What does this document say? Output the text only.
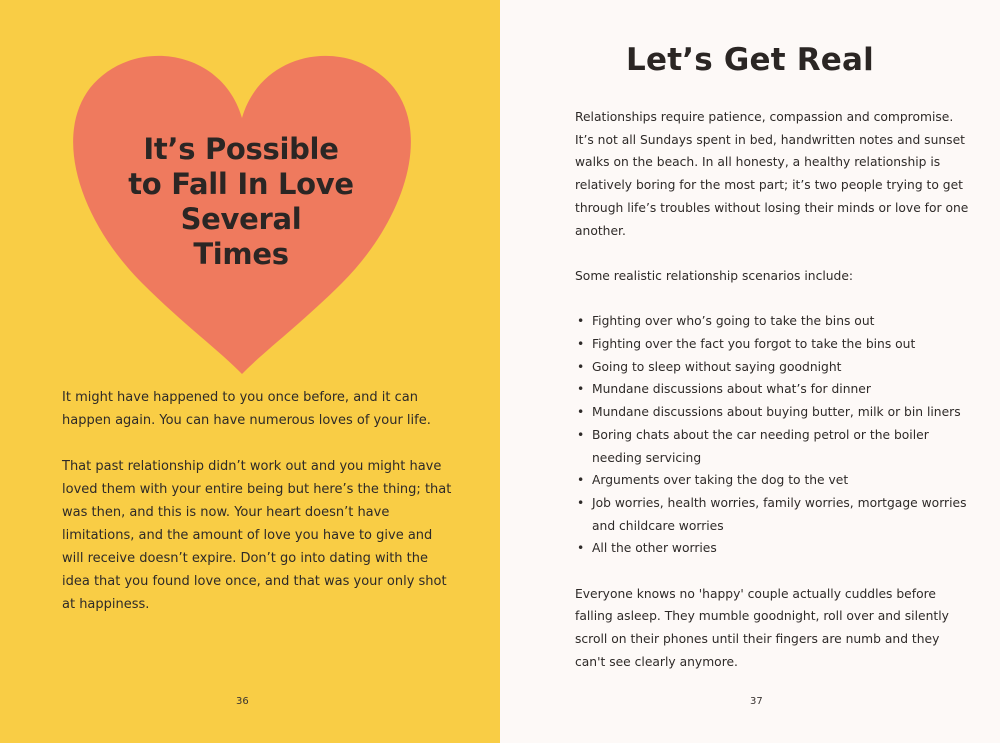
It’s Possible
to Fall In Love
Several
Times

It might have happened to you once before, and it can happen again. You can have numerous loves of your life.

That past relationship didn’t work out and you might have loved them with your entire being but here’s the thing; that was then, and this is now. Your heart doesn’t have limitations, and the amount of love you have to give and will receive doesn’t expire. Don’t go into dating with the idea that you found love once, and that was your only shot at happiness.

36
Let’s Get Real

Relationships require patience, compassion and compromise. It’s not all Sundays spent in bed, handwritten notes and sunset walks on the beach. In all honesty, a healthy relationship is relatively boring for the most part; it’s two people trying to get through life’s troubles without losing their minds or love for one another.

Some realistic relationship scenarios include:

• Fighting over who’s going to take the bins out
• Fighting over the fact you forgot to take the bins out
• Going to sleep without saying goodnight
• Mundane discussions about what’s for dinner
• Mundane discussions about buying butter, milk or bin liners
• Boring chats about the car needing petrol or the boiler needing servicing
• Arguments over taking the dog to the vet
• Job worries, health worries, family worries, mortgage worries and childcare worries
• All the other worries

Everyone knows no 'happy' couple actually cuddles before falling asleep. They mumble goodnight, roll over and silently scroll on their phones until their fingers are numb and they can't see clearly anymore.

37
